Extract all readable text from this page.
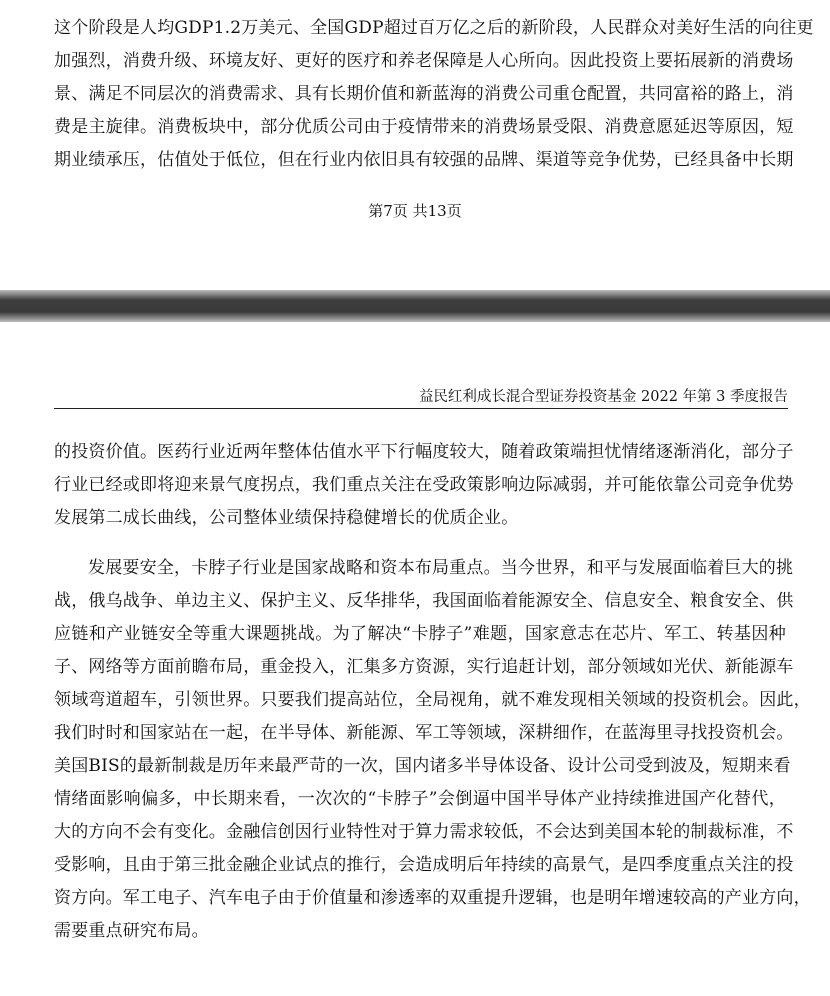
这个阶段是人均GDP1.2万美元、全国GDP超过百万亿之后的新阶段，人民群众对美好生活的向往更
加强烈，消费升级、环境友好、更好的医疗和养老保障是人心所向。因此投资上要拓展新的消费场
景、满足不同层次的消费需求、具有长期价值和新蓝海的消费公司重仓配置，共同富裕的路上，消
费是主旋律。消费板块中，部分优质公司由于疫情带来的消费场景受限、消费意愿延迟等原因，短
期业绩承压，估值处于低位，但在行业内依旧具有较强的品牌、渠道等竞争优势，已经具备中长期
第7页 共13页
益民红利成长混合型证券投资基金 2022 年第 3 季度报告
的投资价值。医药行业近两年整体估值水平下行幅度较大，随着政策端担忧情绪逐渐消化，部分子
行业已经或即将迎来景气度拐点，我们重点关注在受政策影响边际减弱，并可能依靠公司竞争优势
发展第二成长曲线，公司整体业绩保持稳健增长的优质企业。
发展要安全，卡脖子行业是国家战略和资本布局重点。当今世界，和平与发展面临着巨大的挑
战，俄乌战争、单边主义、保护主义、反华排华，我国面临着能源安全、信息安全、粮食安全、供
应链和产业链安全等重大课题挑战。为了解决“卡脖子”难题，国家意志在芯片、军工、转基因种
子、网络等方面前瞻布局，重金投入，汇集多方资源，实行追赶计划，部分领域如光伏、新能源车
领域弯道超车，引领世界。只要我们提高站位，全局视角，就不难发现相关领域的投资机会。因此，
我们时时和国家站在一起，在半导体、新能源、军工等领域，深耕细作，在蓝海里寻找投资机会。
美国BIS的最新制裁是历年来最严苛的一次，国内诸多半导体设备、设计公司受到波及，短期来看
情绪面影响偏多，中长期来看，一次次的“卡脖子”会倒逼中国半导体产业持续推进国产化替代，
大的方向不会有变化。金融信创因行业特性对于算力需求较低，不会达到美国本轮的制裁标准，不
受影响，且由于第三批金融企业试点的推行，会造成明后年持续的高景气，是四季度重点关注的投
资方向。军工电子、汽车电子由于价值量和渗透率的双重提升逻辑，也是明年增速较高的产业方向，
需要重点研究布局。
